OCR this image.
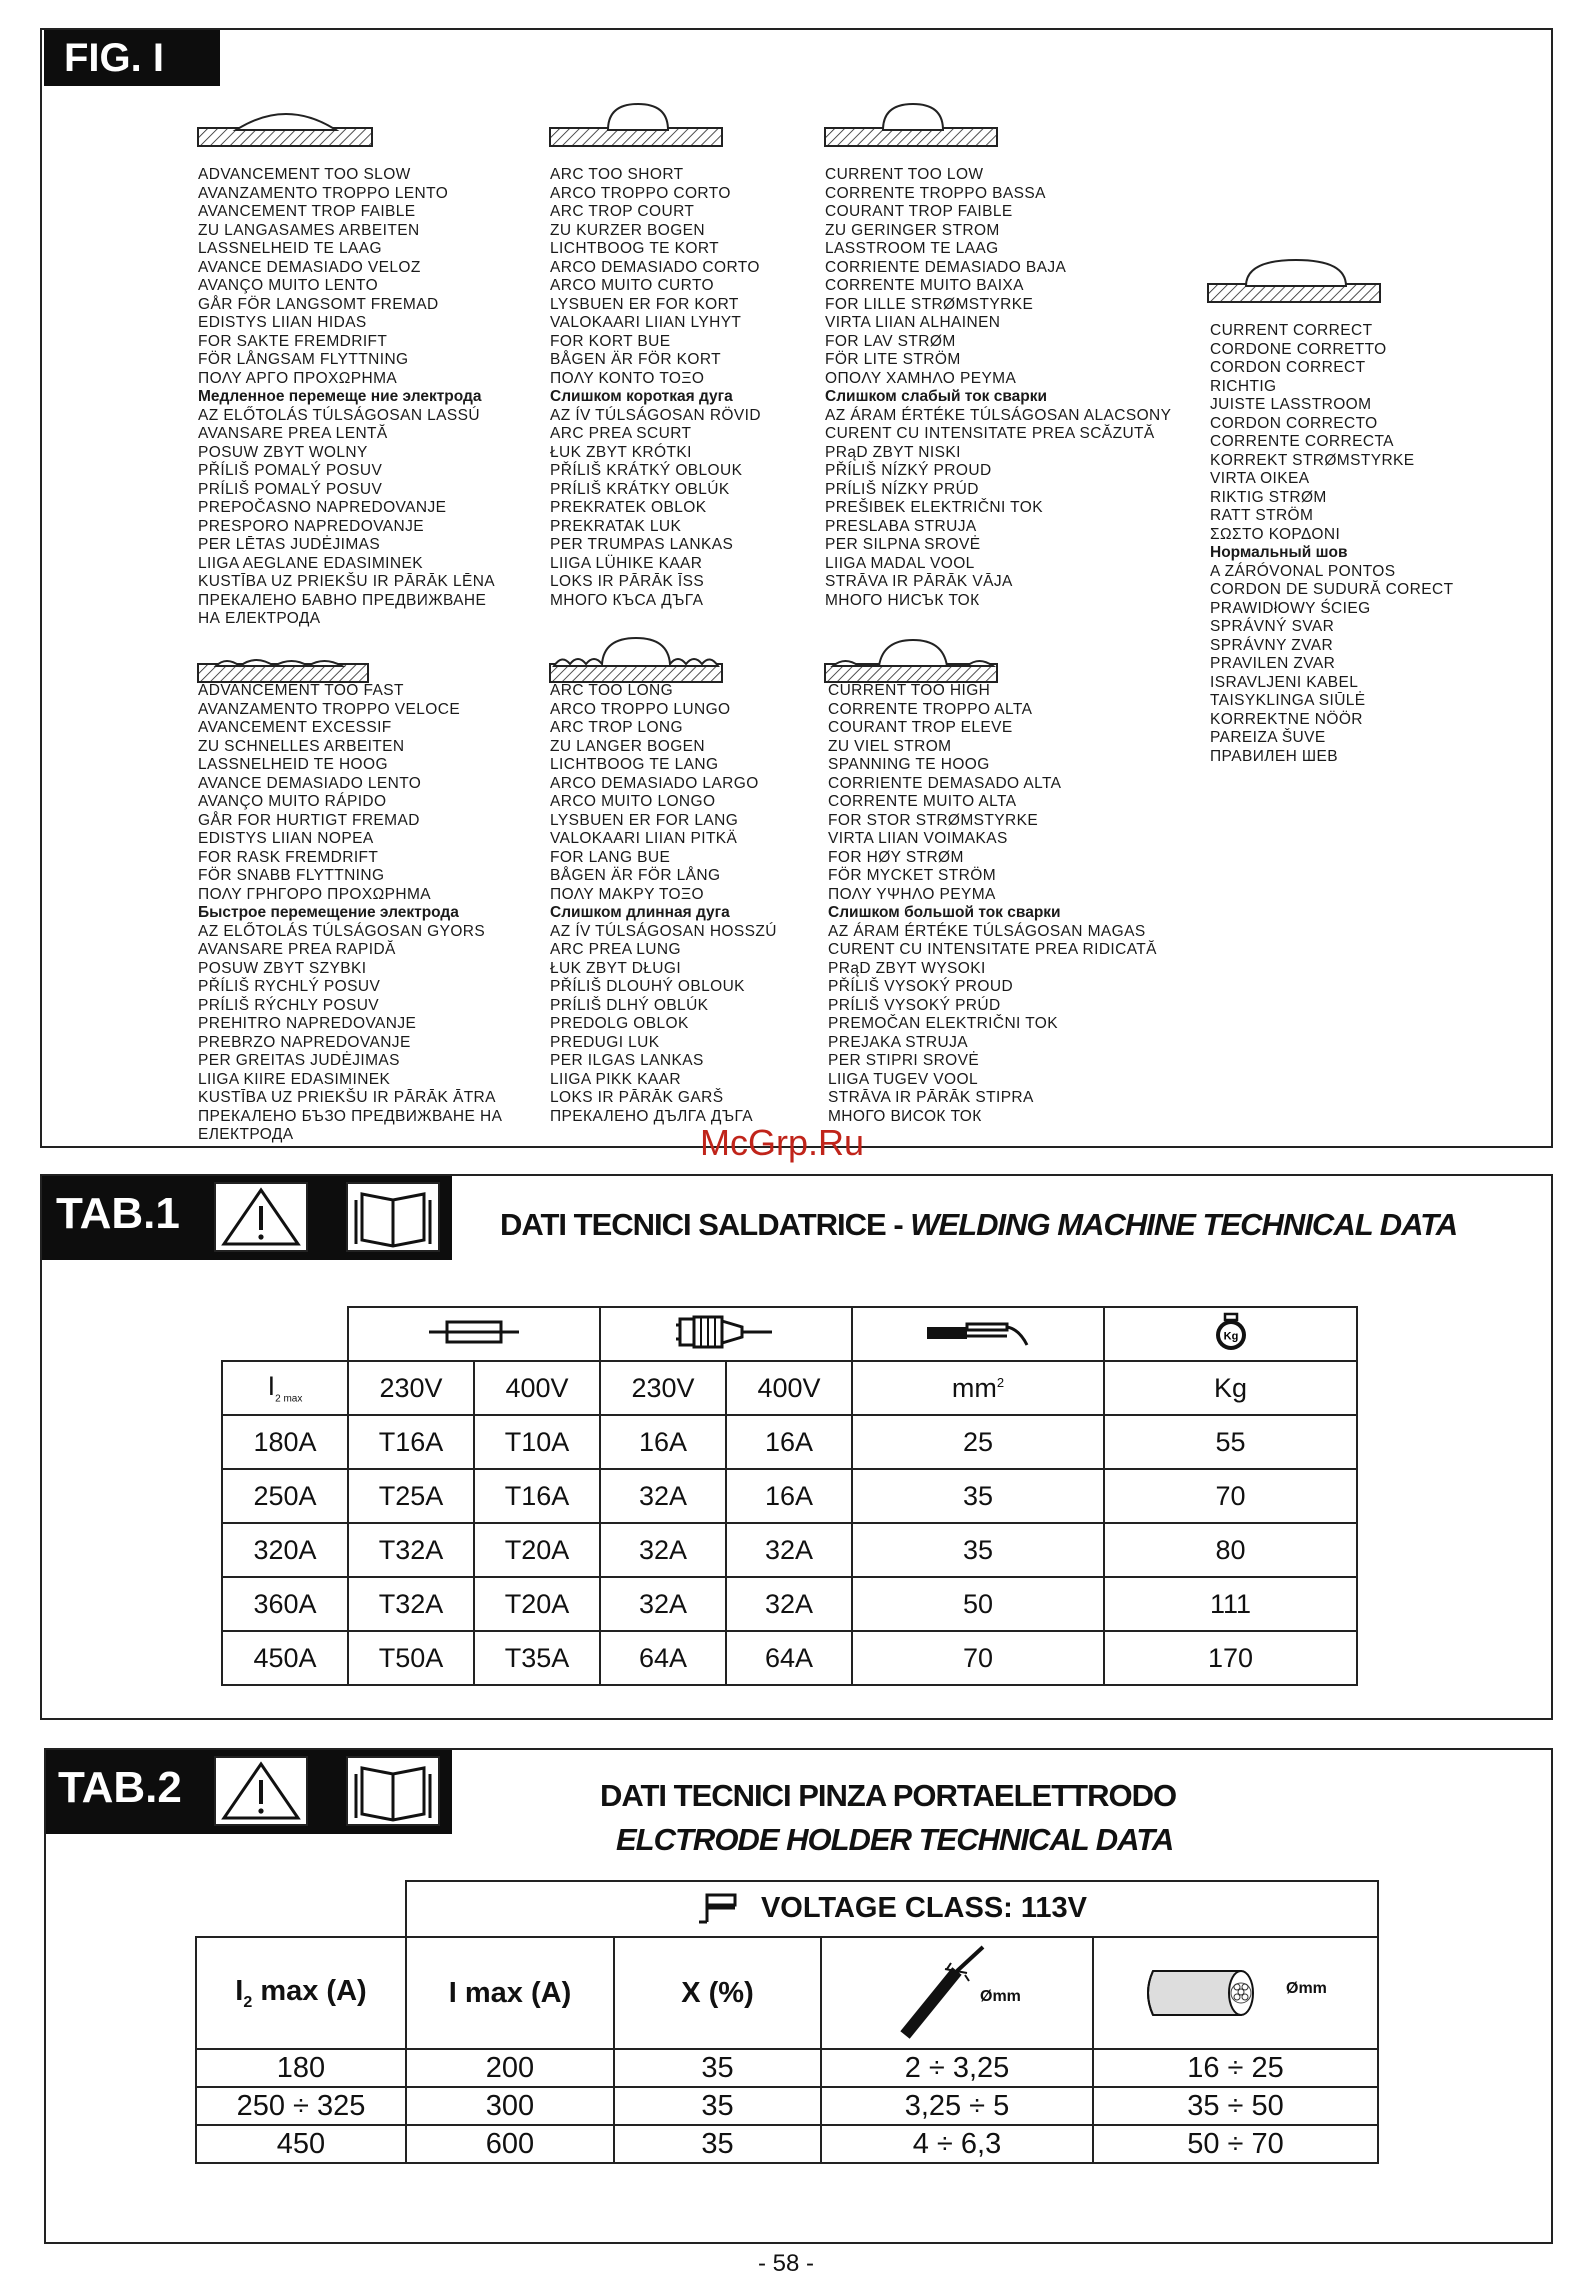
FIG. I
ADVANCEMENT TOO SLOW
AVANZAMENTO TROPPO LENTO
AVANCEMENT TROP FAIBLE
ZU LANGASAMES ARBEITEN
LASSNELHEID TE LAAG
AVANCE DEMASIADO VELOZ
AVANÇO MUITO LENTO
GÅR FÖR LANGSOMT FREMAD
EDISTYS LIIAN HIDAS
FOR SAKTE FREMDRIFT
FÖR LÅNGSAM FLYTTNING
ΠΟΛΥ ΑΡΓΟ ΠΡΟΧΩΡΗΜΑ
Медленное перемеще ние электрода
AZ ELŐTOLÁS TÚLSÁGOSAN LASSÚ
AVANSARE PREA LENTĂ
POSUW ZBYT WOLNY
PŘÍLIŠ POMALÝ POSUV
PRÍLIŠ POMALÝ POSUV
PREPOČASNO NAPREDOVANJE
PRESPORO NAPREDOVANJE
PER LĒTAS JUDĖJIMAS
LIIGA AEGLANE EDASIMINEK
KUSTĪBA UZ PRIEKŠU IR PĀRĀK LĒNA
ПРЕКАЛЕНО БАВНО ПРЕДВИЖВАНЕ
НА ЕЛЕКТРОДА
ARC TOO SHORT
ARCO TROPPO CORTO
ARC TROP COURT
ZU KURZER BOGEN
LICHTBOOG TE KORT
ARCO DEMASIADO CORTO
ARCO MUITO CURTO
LYSBUEN ER FOR KORT
VALOKAARI LIIAN LYHYT
FOR KORT BUE
BÅGEN ÄR FÖR KORT
ΠΟΛΥ ΚΟΝΤΟ ΤΟΞΟ
Слишком короткая дуга
AZ ÍV TÚLSÁGOSAN RÖVID
ARC PREA SCURT
ŁUK ZBYT KRÓTKI
PŘÍLIŠ KRÁTKÝ OBLOUK
PRÍLIŠ KRÁTKY OBLÚK
PREKRATEK OBLOK
PREKRATAK LUK
PER TRUMPAS LANKAS
LIIGA LÜHIKE KAAR
LOKS IR PĀRĀK ĪSS
МНОГО КЪСА ДЪГА
CURRENT TOO LOW
CORRENTE TROPPO BASSA
COURANT TROP FAIBLE
ZU GERINGER STROM
LASSTROOM TE LAAG
CORRIENTE DEMASIADO BAJA
CORRENTE MUITO BAIXA
FOR LILLE STRØMSTYRKE
VIRTA LIIAN ALHAINEN
FOR LAV STRØM
FÖR LITE STRÖM
ΟΠΟΛΥ ΧΑΜΗΛΟ ΡΕΥΜΑ
Слишком слабый ток сварки
AZ ÁRAM ÉRTÉKE TÚLSÁGOSAN ALACSONY
CURENT CU INTENSITATE PREA SCĂZUTĂ
PRąD ZBYT NISKI
PŘÍLIŠ NÍZKÝ PROUD
PRÍLIŠ NÍZKY PRÚD
PREŠIBEK ELEKTRIČNI TOK
PRESLABA STRUJA
PER SILPNA SROVĖ
LIIGA MADAL VOOL
STRĀVA IR PĀRĀK VĀJA
МНОГО НИСЪК ТОК
CURRENT CORRECT
CORDONE CORRETTO
CORDON CORRECT
RICHTIG
JUISTE LASSTROOM
CORDON CORRECTO
CORRENTE CORRECTA
KORREKT STRØMSTYRKE
VIRTA OIKEA
RIKTIG STRØM
RATT STRÖM
ΣΩΣΤΟ ΚΟΡΔΟΝΙ
Нормальный шов
A ZÁRÓVONAL PONTOS
CORDON DE SUDURĂ CORECT
PRAWIDłOWY ŚCIEG
SPRÁVNÝ SVAR
SPRÁVNY ZVAR
PRAVILEN ZVAR
ISRAVLJENI KABEL
TAISYKLINGA SIŪLĖ
KORREKTNE NÖÖR
PAREIZA ŠUVE
ПРАВИЛЕН ШЕВ
ADVANCEMENT TOO FAST
AVANZAMENTO TROPPO VELOCE
AVANCEMENT EXCESSIF
ZU SCHNELLES ARBEITEN
LASSNELHEID TE HOOG
AVANCE DEMASIADO LENTO
AVANÇO MUITO RÁPIDO
GÅR FOR HURTIGT FREMAD
EDISTYS LIIAN NOPEA
FOR RASK FREMDRIFT
FÖR SNABB FLYTTNING
ΠΟΛΥ ΓΡΗΓΟΡΟ ΠΡΟΧΩΡΗΜΑ
Быстрое перемещение электрода
AZ ELŐTOLÁS TÚLSÁGOSAN GYORS
AVANSARE PREA RAPIDĂ
POSUW ZBYT SZYBKI
PŘÍLIŠ RYCHLÝ POSUV
PRÍLIŠ RÝCHLY POSUV
PREHITRO NAPREDOVANJE
PREBRZO NAPREDOVANJE
PER GREITAS JUDĖJIMAS
LIIGA KIIRE EDASIMINEK
KUSTĪBA UZ PRIEKŠU IR PĀRĀK ĀTRA
ПРЕКАЛЕНО БЪЗО ПРЕДВИЖВАНЕ НА
ЕЛЕКТРОДА
ARC TOO LONG
ARCO TROPPO LUNGO
ARC TROP LONG
ZU LANGER BOGEN
LICHTBOOG TE LANG
ARCO DEMASIADO LARGO
ARCO MUITO LONGO
LYSBUEN ER FOR LANG
VALOKAARI LIIAN PITKÄ
FOR LANG BUE
BÅGEN ÄR FÖR LÅNG
ΠΟΛΥ ΜΑΚΡΥ ΤΟΞΟ
Слишком длинная дуга
AZ ÍV TÚLSÁGOSAN HOSSZÚ
ARC PREA LUNG
ŁUK ZBYT DŁUGI
PŘÍLIŠ DLOUHÝ OBLOUK
PRÍLIŠ DLHÝ OBLÚK
PREDOLG OBLOK
PREDUGI LUK
PER ILGAS LANKAS
LIIGA PIKK KAAR
LOKS IR PĀRĀK GARŠ
ПРЕКАЛЕНО ДЪЛГА ДЪГА
CURRENT TOO HIGH
CORRENTE TROPPO ALTA
COURANT TROP ELEVE
ZU VIEL STROM
SPANNING TE HOOG
CORRIENTE DEMASADO ALTA
CORRENTE MUITO ALTA
FOR STOR STRØMSTYRKE
VIRTA LIIAN VOIMAKAS
FOR HØY STRØM
FÖR MYCKET STRÖM
ΠΟΛΥ ΥΨΗΛΟ ΡΕΥΜΑ
Слишком большой ток сварки
AZ ÁRAM ÉRTÉKE TÚLSÁGOSAN MAGAS
CURENT CU INTENSITATE PREA RIDICATĂ
PRąD ZBYT WYSOKI
PŘÍLIŠ VYSOKÝ PROUD
PRÍLIŠ VYSOKÝ PRÚD
PREMOČAN ELEKTRIČNI TOK
PREJAKA STRUJA
PER STIPRI SROVĖ
LIIGA TUGEV VOOL
STRĀVA IR PĀRĀK STIPRA
МНОГО ВИСОК ТОК
McGrp.Ru
TAB.1	DATI TECNICI SALDATRICE - WELDING MACHINE TECHNICAL DATA

Kg

$I_{2 max}$	230V	400V	230V	400V	$mm^2$	Kg
180A	T16A	T10A	16A	16A	25	55
250A	T25A	T16A	32A	16A	35	70
320A	T32A	T20A	32A	32A	35	80
360A	T32A	T20A	32A	32A	50	111
450A	T50A	T35A	64A	64A	70	170
TAB.2	DATI TECNICI PINZA PORTAELETTRODO
ELCTRODE HOLDER TECHNICAL DATA
	VOLTAGE CLASS: 113V			
$I_2$ max (A)	I max (A)	X (%)	Ømm	Ømm

180	200	35	2 ÷ 3,25	16 ÷ 25
250 ÷ 325	300	35	3,25 ÷ 5	35 ÷ 50
450	600	35	4 ÷ 6,3	50 ÷ 70
- 58 -
